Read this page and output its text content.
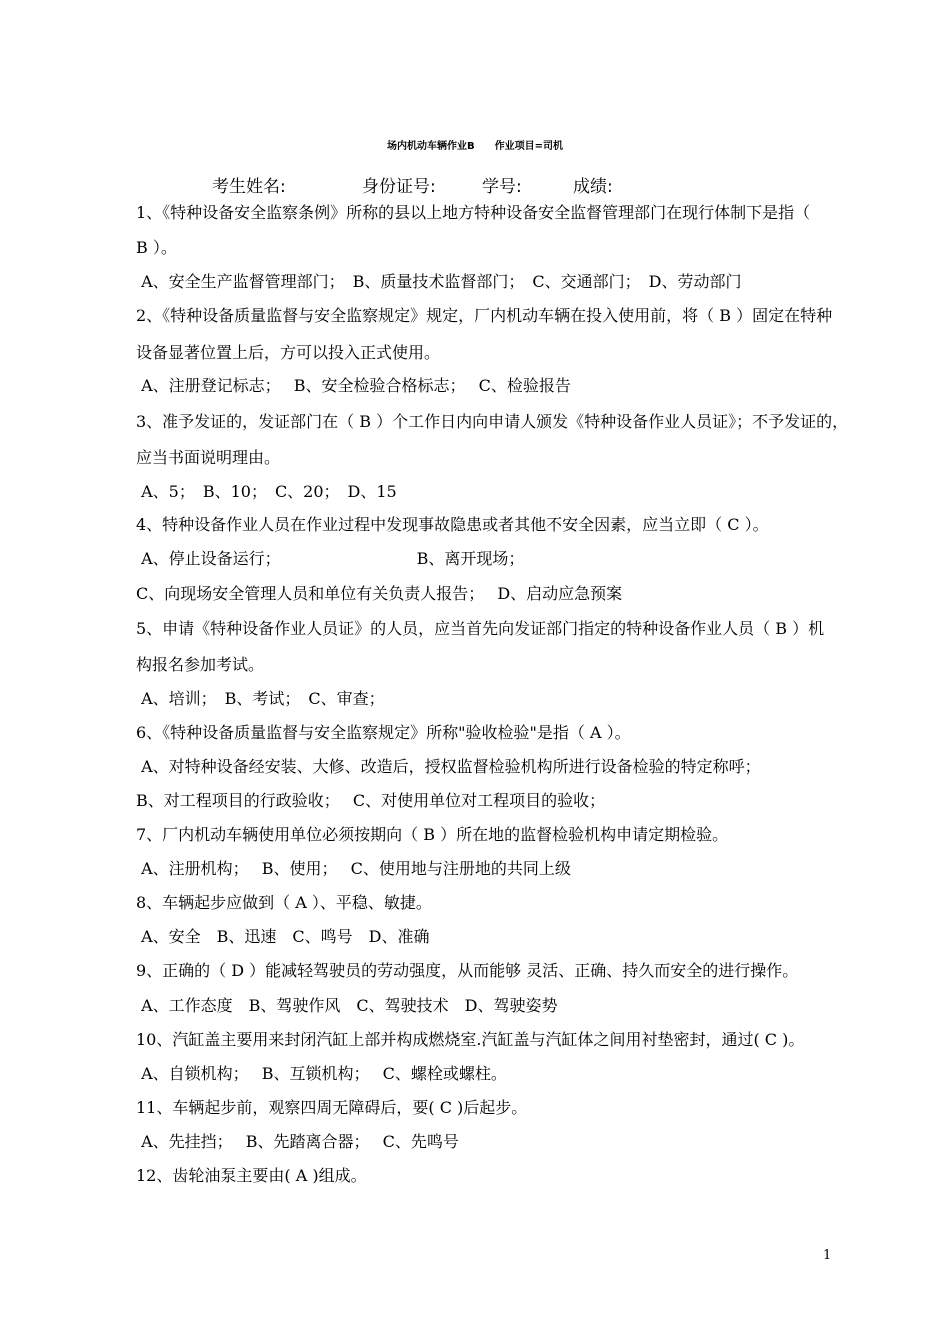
场内机动车辆作业B　　作业项目=司机
考生姓名:	身份证号:	学号:	成绩:
1、《特种设备安全监察条例》所称的县以上地方特种设备安全监督管理部门在现行体制下是指（
B ）。
A、安全生产监督管理部门；　B、质量技术监督部门；　C、交通部门；　D、劳动部门
2、《特种设备质量监督与安全监察规定》规定，厂内机动车辆在投入使用前，将（ B ）固定在特种
设备显著位置上后，方可以投入正式使用。
A、注册登记标志；　 B、安全检验合格标志；　 C、检验报告
3、准予发证的，发证部门在（ B ）个工作日内向申请人颁发《特种设备作业人员证》；不予发证的，
应当书面说明理由。
A、5；　B、10；　C、20；　D、15
4、特种设备作业人员在作业过程中发现事故隐患或者其他不安全因素，应当立即（ C ）。
A、停止设备运行；　　　　　　　　　B、离开现场；
C、向现场安全管理人员和单位有关负责人报告；　 D、启动应急预案
5、申请《特种设备作业人员证》的人员，应当首先向发证部门指定的特种设备作业人员（ B ）机
构报名参加考试。
A、培训；　B、考试；　C、审查；
6、《特种设备质量监督与安全监察规定》所称"验收检验"是指（ A ）。
A、对特种设备经安装、大修、改造后，授权监督检验机构所进行设备检验的特定称呼；
B、对工程项目的行政验收；　 C、对使用单位对工程项目的验收；
7、厂内机动车辆使用单位必须按期向（ B ）所在地的监督检验机构申请定期检验。
A、注册机构；　 B、使用；　 C、使用地与注册地的共同上级
8、车辆起步应做到（ A ）、平稳、敏捷。
A、安全　B、迅速　C、鸣号　D、准确
9、正确的（ D ）能减轻驾驶员的劳动强度，从而能够 灵活、正确、持久而安全的进行操作。
A、工作态度　B、驾驶作风　C、驾驶技术　D、驾驶姿势
10、汽缸盖主要用来封闭汽缸上部并构成燃烧室.汽缸盖与汽缸体之间用衬垫密封，通过( C )。
A、自锁机构；　 B、互锁机构；　 C、螺栓或螺柱。
11、车辆起步前，观察四周无障碍后，要( C )后起步。
A、先挂挡；　 B、先踏离合器；　 C、先鸣号
12、齿轮油泵主要由( A )组成。
1
